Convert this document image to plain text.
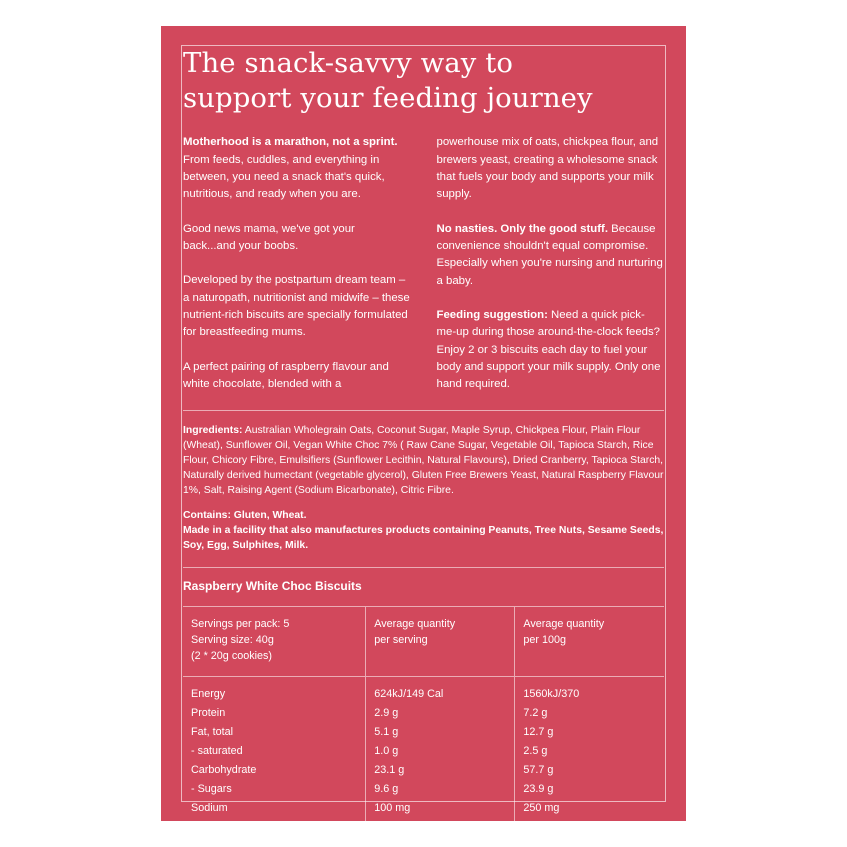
The snack-savvy way to
support your feeding journey

Motherhood is a marathon, not a sprint. From feeds, cuddles, and everything in between, you need a snack that's quick, nutritious, and ready when you are.

Good news mama, we've got your back...and your boobs.

Developed by the postpartum dream team – a naturopath, nutritionist and midwife – these nutrient-rich biscuits are specially formulated for breastfeeding mums.

A perfect pairing of raspberry flavour and white chocolate, blended with a

powerhouse mix of oats, chickpea flour, and brewers yeast, creating a wholesome snack that fuels your body and supports your milk supply.

No nasties. Only the good stuff. Because convenience shouldn't equal compromise. Especially when you're nursing and nurturing a baby.

Feeding suggestion: Need a quick pick-me-up during those around-the-clock feeds? Enjoy 2 or 3 biscuits each day to fuel your body and support your milk supply. Only one hand required.

Ingredients: Australian Wholegrain Oats, Coconut Sugar, Maple Syrup, Chickpea Flour, Plain Flour (Wheat), Sunflower Oil, Vegan White Choc 7% ( Raw Cane Sugar, Vegetable Oil, Tapioca Starch, Rice Flour, Chicory Fibre, Emulsifiers (Sunflower Lecithin, Natural Flavours), Dried Cranberry, Tapioca Starch, Naturally derived humectant (vegetable glycerol), Gluten Free Brewers Yeast, Natural Raspberry Flavour 1%, Salt, Raising Agent (Sodium Bicarbonate), Citric Fibre.
Contains: Gluten, Wheat.
Made in a facility that also manufactures products containing Peanuts, Tree Nuts, Sesame Seeds, Soy, Egg, Sulphites, Milk.
Raspberry White Choc Biscuits
Servings per pack: 5
Serving size: 40g
(2 * 20g cookies)	Average quantity
per serving	Average quantity
per 100g

Energy	624kJ/149 Cal	1560kJ/370
Protein	2.9 g	7.2 g
Fat, total	5.1 g	12.7 g
- saturated	1.0 g	2.5 g
Carbohydrate	23.1 g	57.7 g
- Sugars	9.6 g	23.9 g
Sodium	100 mg	250 mg
